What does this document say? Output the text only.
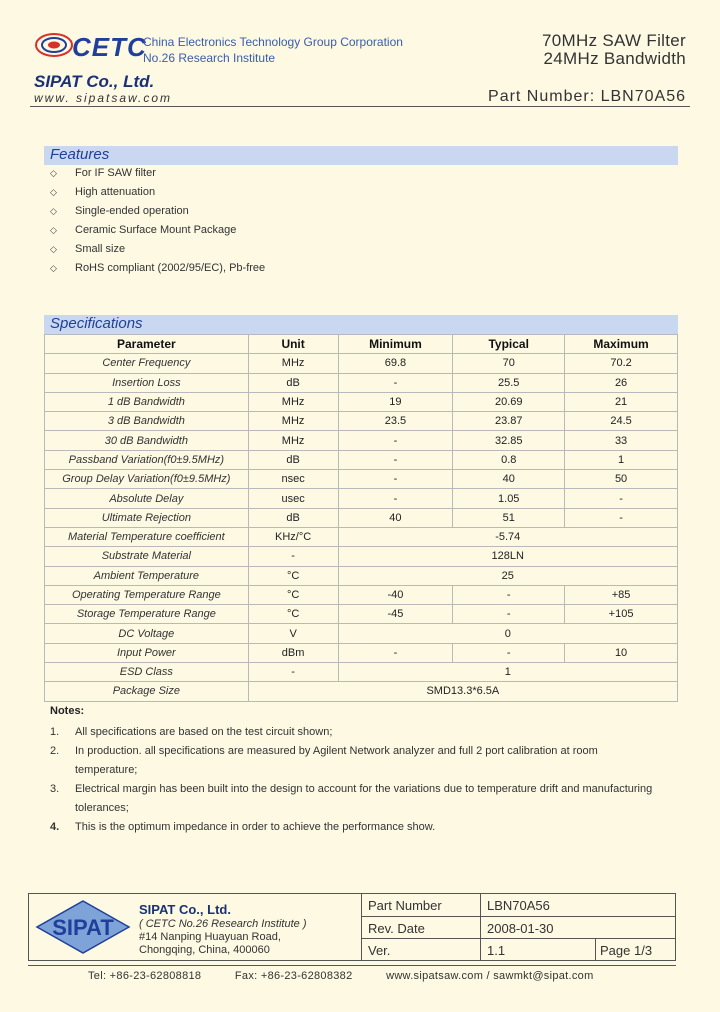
CETC
China Electronics Technology Group Corporation
No.26 Research Institute
70MHz SAW Filter
24MHz Bandwidth
SIPAT Co., Ltd.
www. sipatsaw.com	Part Number: LBN70A56
Features
◇	For IF SAW filter
◇	High attenuation
◇	Single-ended operation
◇	Ceramic Surface Mount Package
◇	Small size
◇	RoHS compliant (2002/95/EC), Pb-free
Specifications
Parameter	Unit	Minimum	Typical	Maximum
Center Frequency	MHz	69.8	70	70.2
Insertion Loss	dB	-	25.5	26
1 dB Bandwidth	MHz	19	20.69	21
3 dB Bandwidth	MHz	23.5	23.87	24.5
30 dB Bandwidth	MHz	-	32.85	33
Passband Variation(f0±9.5MHz)	dB	-	0.8	1
Group Delay Variation(f0±9.5MHz)	nsec	-	40	50
Absolute Delay	usec	-	1.05	-
Ultimate Rejection	dB	40	51	-
Material Temperature coefficient	KHz/°C	-5.74		
Substrate Material	-	128LN		
Ambient Temperature	°C	25		
Operating Temperature Range	°C	-40	-	+85
Storage Temperature Range	°C	-45	-	+105
DC Voltage	V	0		
Input Power	dBm	-	-	10
ESD Class	-	1		
Package Size	SMD13.3*6.5A			
Notes:
1. All specifications are based on the test circuit shown;
2. In production. all specifications are measured by Agilent Network analyzer and full 2 port calibration at room temperature;
3. Electrical margin has been built into the design to account for the variations due to temperature drift and manufacturing tolerances;
4. This is the optimum impedance in order to achieve the performance show.
SIPAT
SIPAT Co., Ltd.
( CETC No.26 Research Institute )
#14 Nanping Huayuan Road,
Chongqing, China, 400060
Part Number	LBN70A56
Rev. Date	2008-01-30
Ver.	1.1	Page 1/3
Tel: +86-23-62808818          Fax: +86-23-62808382          www.sipatsaw.com / sawmkt@sipat.com
